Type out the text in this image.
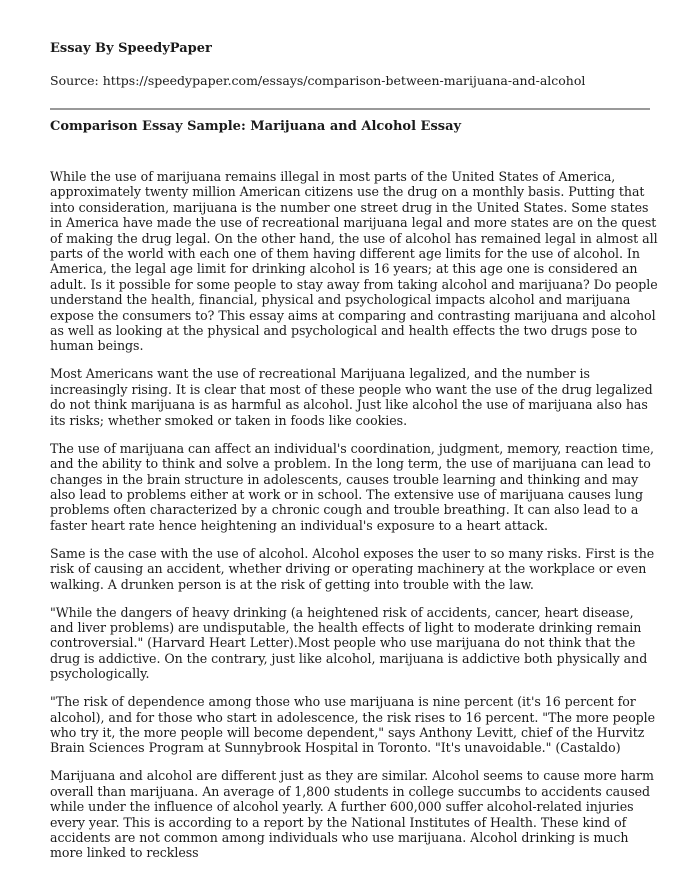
Essay By SpeedyPaper

Source: https://speedypaper.com/essays/comparison-between-marijuana-and-alcohol

Comparison Essay Sample: Marijuana and Alcohol Essay

While the use of marijuana remains illegal in most parts of the United States of America, approximately twenty million American citizens use the drug on a monthly basis. Putting that into consideration, marijuana is the number one street drug in the United States. Some states in America have made the use of recreational marijuana legal and more states are on the quest of making the drug legal. On the other hand, the use of alcohol has remained legal in almost all parts of the world with each one of them having different age limits for the use of alcohol. In America, the legal age limit for drinking alcohol is 16 years; at this age one is considered an adult. Is it possible for some people to stay away from taking alcohol and marijuana? Do people understand the health, financial, physical and psychological impacts alcohol and marijuana expose the consumers to? This essay aims at comparing and contrasting marijuana and alcohol as well as looking at the physical and psychological and health effects the two drugs pose to human beings.

Most Americans want the use of recreational Marijuana legalized, and the number is increasingly rising. It is clear that most of these people who want the use of the drug legalized do not think marijuana is as harmful as alcohol. Just like alcohol the use of marijuana also has its risks; whether smoked or taken in foods like cookies.

The use of marijuana can affect an individual's coordination, judgment, memory, reaction time, and the ability to think and solve a problem. In the long term, the use of marijuana can lead to changes in the brain structure in adolescents, causes trouble learning and thinking and may also lead to problems either at work or in school. The extensive use of marijuana causes lung problems often characterized by a chronic cough and trouble breathing. It can also lead to a faster heart rate hence heightening an individual's exposure to a heart attack.

Same is the case with the use of alcohol. Alcohol exposes the user to so many risks. First is the risk of causing an accident, whether driving or operating machinery at the workplace or even walking. A drunken person is at the risk of getting into trouble with the law.

"While the dangers of heavy drinking (a heightened risk of accidents, cancer, heart disease, and liver problems) are undisputable, the health effects of light to moderate drinking remain controversial." (Harvard Heart Letter).Most people who use marijuana do not think that the drug is addictive. On the contrary, just like alcohol, marijuana is addictive both physically and psychologically.

"The risk of dependence among those who use marijuana is nine percent (it's 16 percent for alcohol), and for those who start in adolescence, the risk rises to 16 percent. "The more people who try it, the more people will become dependent," says Anthony Levitt, chief of the Hurvitz Brain Sciences Program at Sunnybrook Hospital in Toronto. "It's unavoidable." (Castaldo)

Marijuana and alcohol are different just as they are similar. Alcohol seems to cause more harm overall than marijuana. An average of 1,800 students in college succumbs to accidents caused while under the influence of alcohol yearly. A further 600,000 suffer alcohol-related injuries every year. This is according to a report by the National Institutes of Health. These kind of accidents are not common among individuals who use marijuana. Alcohol drinking is much more linked to reckless
